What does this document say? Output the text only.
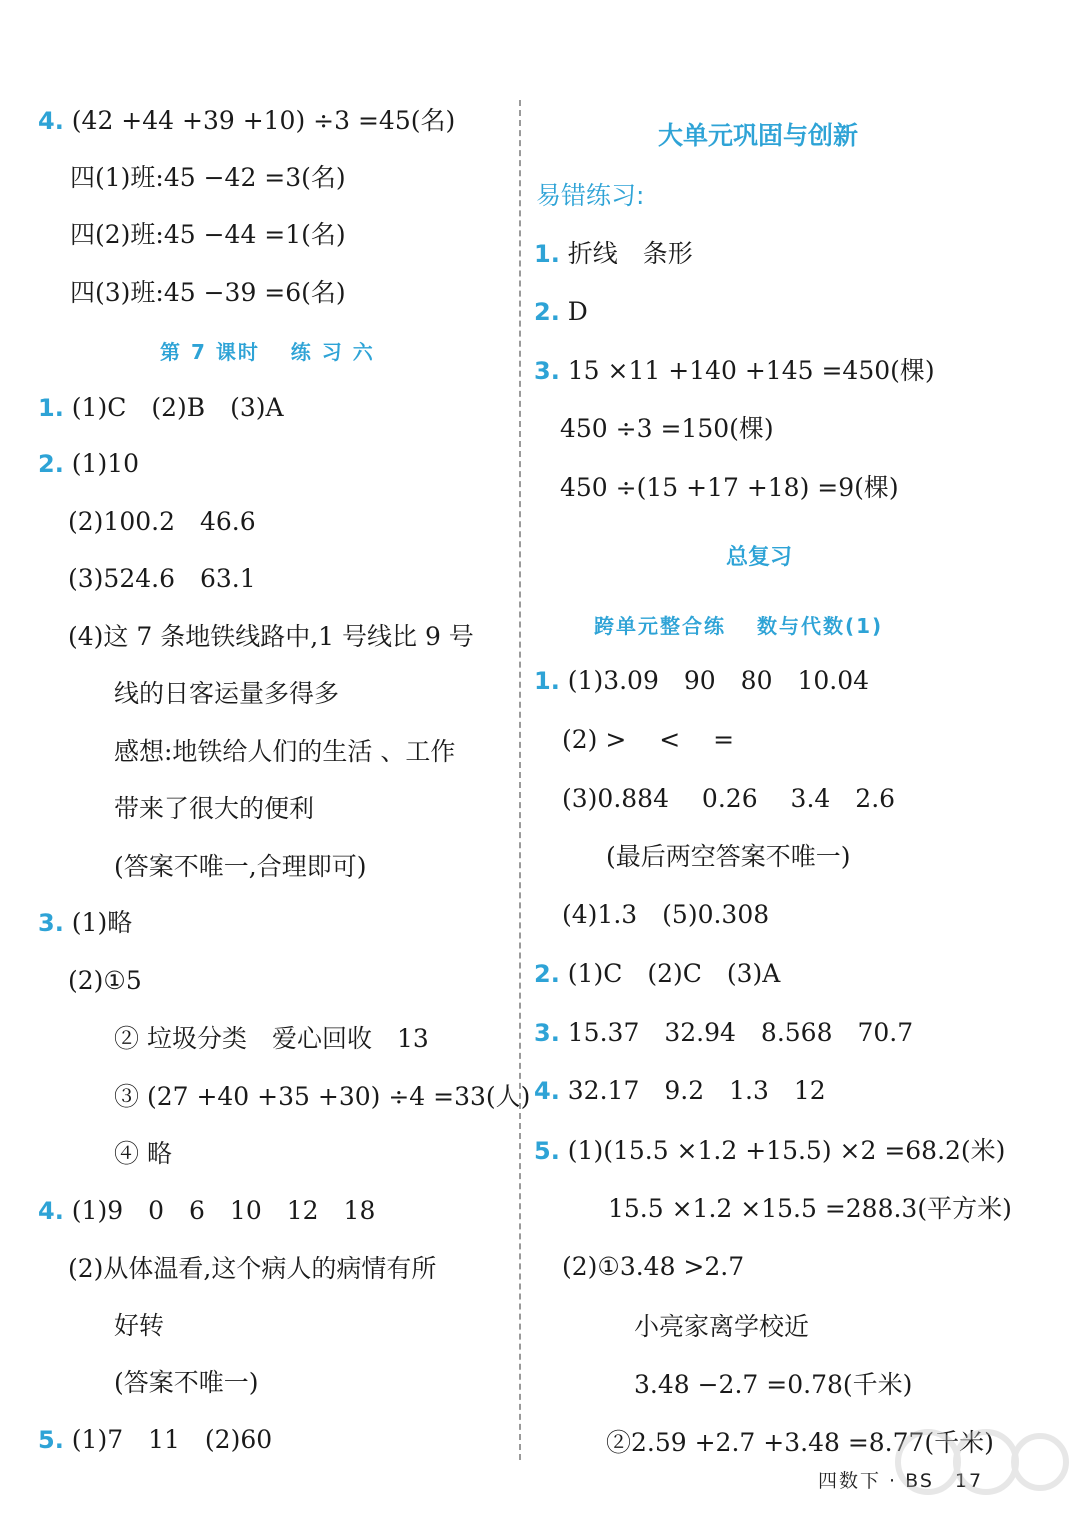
4. (42 +44 +39 +10) ÷3 =45(名)
四(1)班:45 −42 =3(名)
四(2)班:45 −44 =1(名)
四(3)班:45 −39 =6(名)
第 7 课时　 练 习 六
1. (1)C　(2)B　(3)A
2. (1)10
(2)100.2　46.6
(3)524.6　63.1
(4)这 7 条地铁线路中,1 号线比 9 号
线的日客运量多得多
感想:地铁给人们的生活 、工作
带来了很大的便利
(答案不唯一,合理即可)
3. (1)略
(2)①5
② 垃圾分类　爱心回收　13
③ (27 +40 +35 +30) ÷4 =33(人)
④ 略
4. (1)9　0　6　10　12　18
(2)从体温看,这个病人的病情有所
好转
(答案不唯一)
5. (1)7　11　(2)60
大单元巩固与创新
易错练习:
1. 折线　条形
2. D
3. 15 ×11 +140 +145 =450(棵)
450 ÷3 =150(棵)
450 ÷(15 +17 +18) =9(棵)
总复习
跨单元整合练　 数与代数(1)
1. (1)3.09　90　80　10.04
(2) >　 <　 =
(3)0.884　 0.26　 3.4　2.6
(最后两空答案不唯一)
(4)1.3　(5)0.308
2. (1)C　(2)C　(3)A
3. 15.37　32.94　8.568　70.7
4. 32.17　9.2　1.3　12
5. (1)(15.5 ×1.2 +15.5) ×2 =68.2(米)
15.5 ×1.2 ×15.5 =288.3(平方米)
(2)①3.48 >2.7
小亮家离学校近
3.48 −2.7 =0.78(千米)
②2.59 +2.7 +3.48 =8.77(千米)
四数下 · BS　17
